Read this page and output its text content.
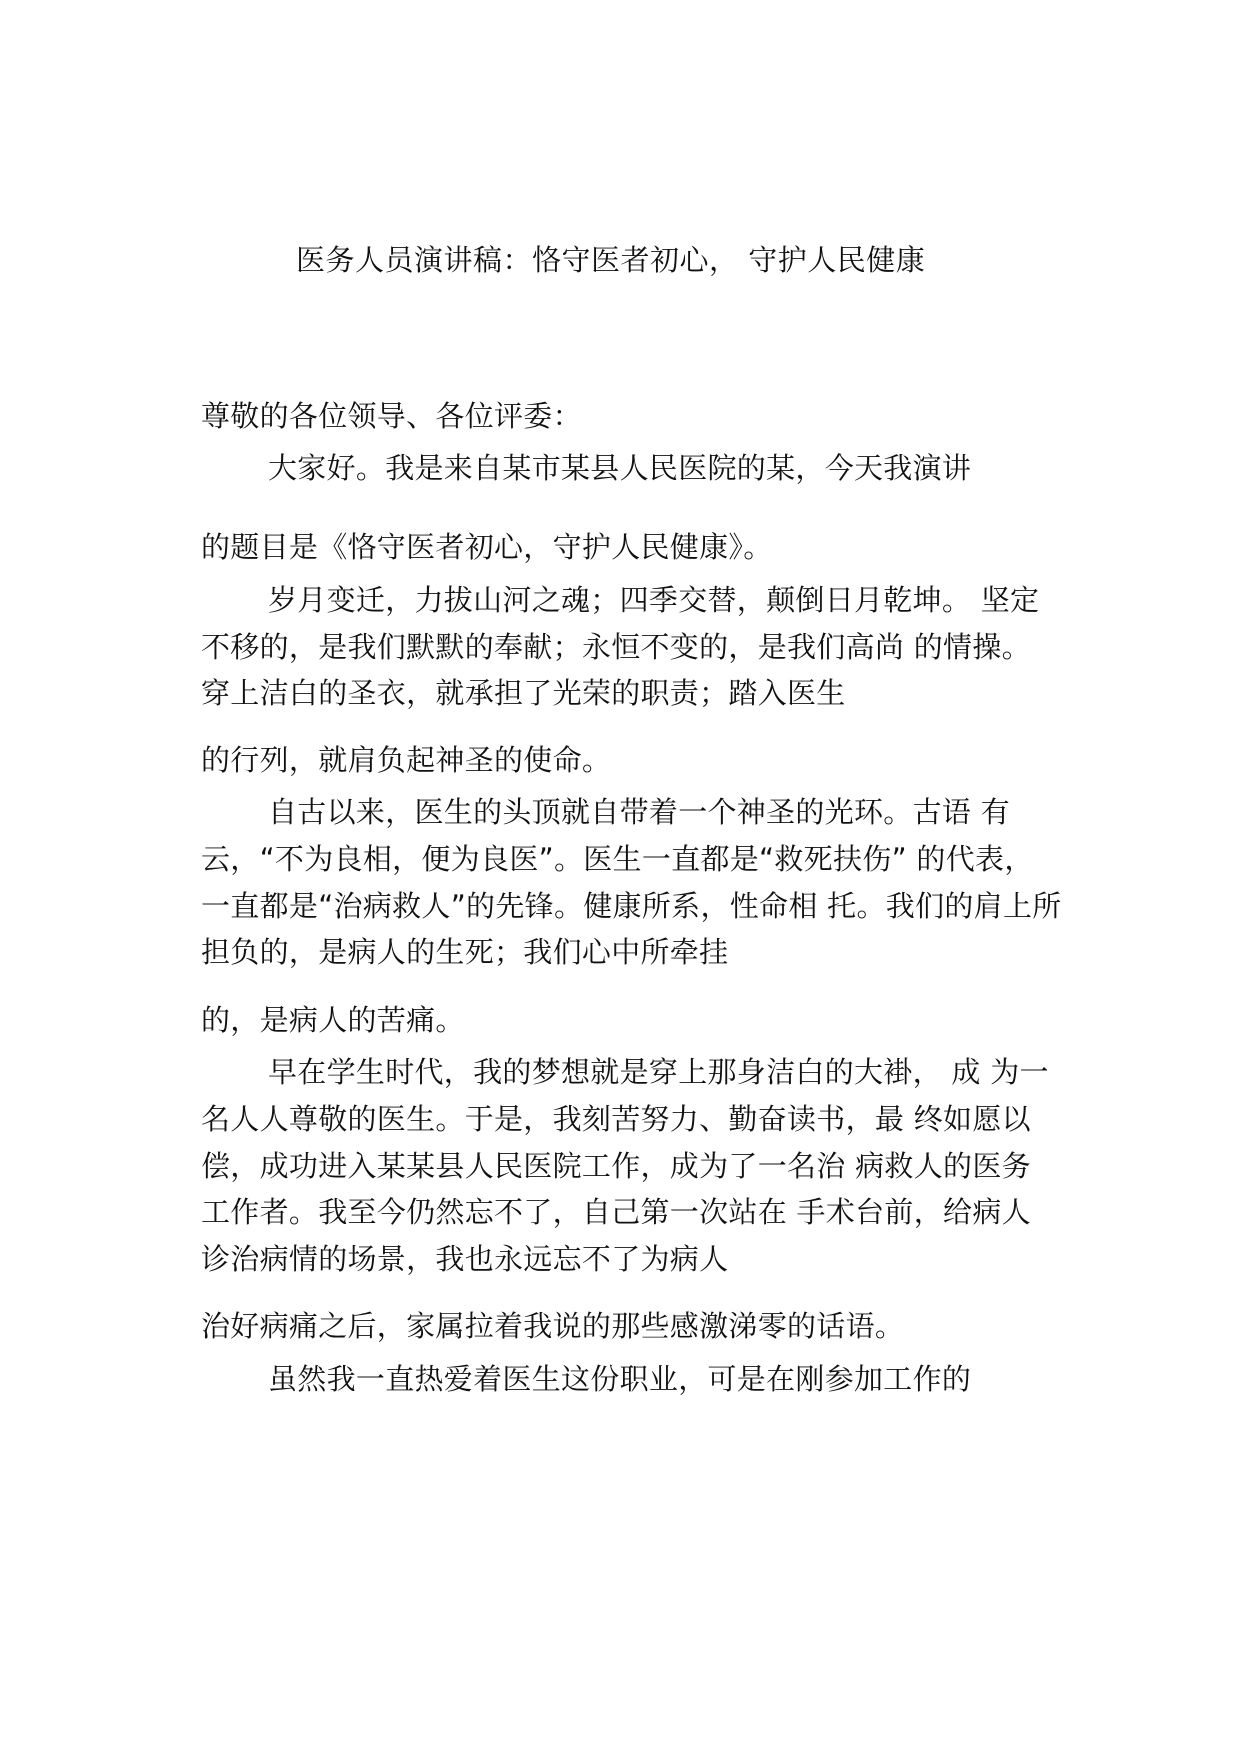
医务人员演讲稿：恪守医者初心， 守护人民健康
尊敬的各位领导、各位评委：
大家好。我是来自某市某县人民医院的某，今天我演讲
的题目是《恪守医者初心，守护人民健康》。
岁月变迁，力拔山河之魂；四季交替，颠倒日月乾坤。 坚定
不移的，是我们默默的奉献；永恒不变的，是我们高尚 的情操。
穿上洁白的圣衣，就承担了光荣的职责；踏入医生
的行列，就肩负起神圣的使命。
自古以来，医生的头顶就自带着一个神圣的光环。古语 有
云，“不为良相，便为良医”。医生一直都是“救死扶伤” 的代表，
一直都是“治病救人”的先锋。健康所系，性命相 托。我们的肩上所
担负的，是病人的生死；我们心中所牵挂
的，是病人的苦痛。
早在学生时代，我的梦想就是穿上那身洁白的大褂， 成 为一
名人人尊敬的医生。于是，我刻苦努力、勤奋读书，最 终如愿以
偿，成功进入某某县人民医院工作，成为了一名治 病救人的医务
工作者。我至今仍然忘不了，自己第一次站在 手术台前，给病人
诊治病情的场景，我也永远忘不了为病人
治好病痛之后，家属拉着我说的那些感激涕零的话语。
虽然我一直热爱着医生这份职业，可是在刚参加工作的
